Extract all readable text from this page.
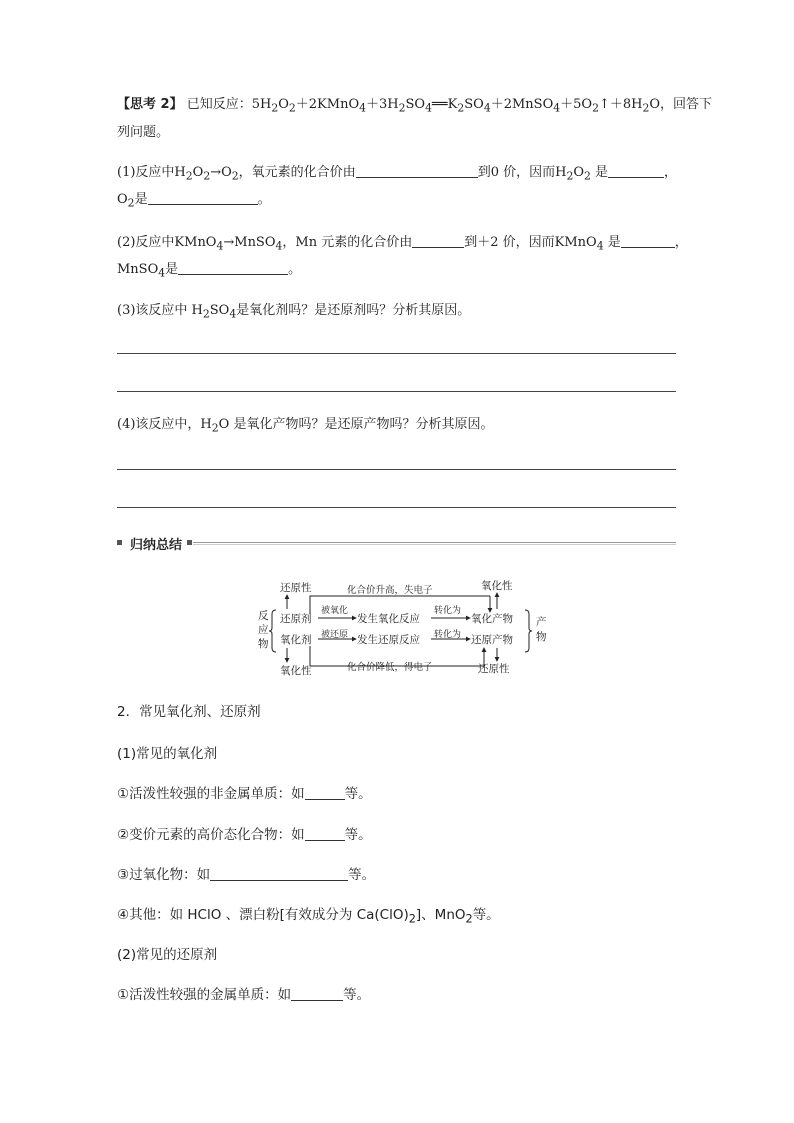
【思考 2】 已知反应：$5H_2O_2+2KMnO_4+3H_2SO_4══K_2SO_4+2MnSO_4+5O_2↑+8H_2O$，回答下
列问题。
(1)反应中$H_2O_2\to O_2$，氧元素的化合价由	到0 价，因而$H_2O_2$ 是	，
$O_2$是	。
(2)反应中KMnO$_4$→MnSO$_4$，Mn 元素的化合价由	到＋2 价，因而KMnO$_4$ 是	，
MnSO$_4$是	。
(3)该反应中 $H_2SO_4$是氧化剂吗？是还原剂吗？分析其原因。
(4)该反应中，$H_2O$ 是氧化产物吗？是还原产物吗？分析其原因。
归纳总结
还原性	化合价升高，失电子	氧化性
反
应
物
还原剂
氧化剂
被氧化
被还原
发生氧化反应
发生还原反应
转化为
转化为
氧化产物
还原产物
产
物
氧化性	化合价降低，得电子	还原性
2．常见氧化剂、还原剂
(1)常见的氧化剂
①活泼性较强的非金属单质：如	等。
②变价元素的高价态化合物：如	等。
③过氧化物：如	等。
④其他：如 HClO 、漂白粉[有效成分为 $Ca(ClO)_2$]、MnO$_2$等。
(2)常见的还原剂
①活泼性较强的金属单质：如	等。
